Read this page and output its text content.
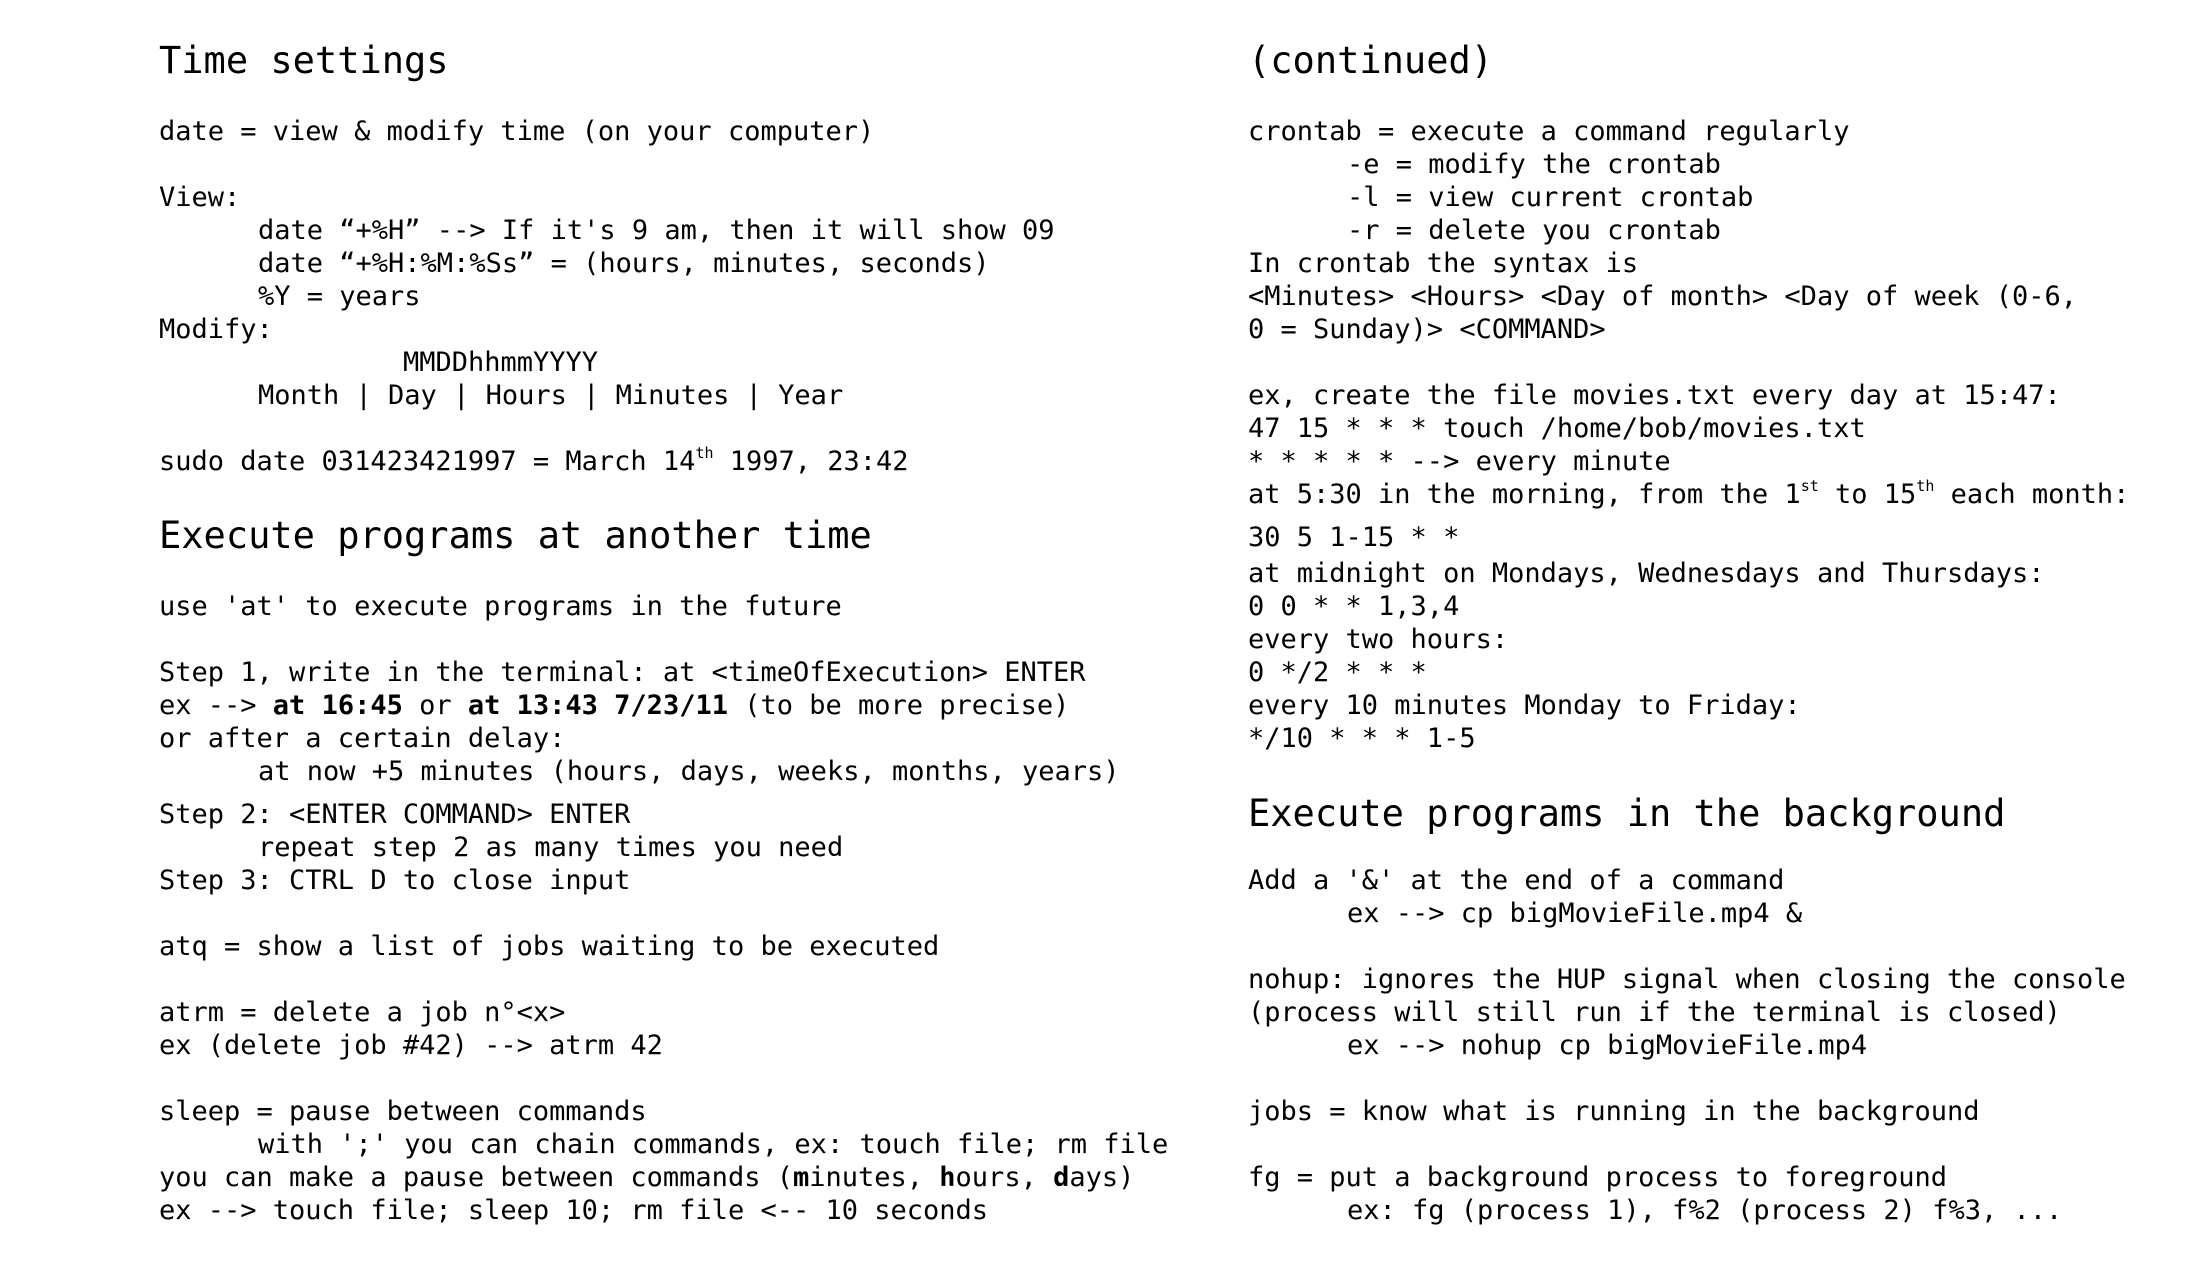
Time settings
date = view & modify time (on your computer)
View:
date “+%H” --> If it's 9 am, then it will show 09
date “+%H:%M:%Ss” = (hours, minutes, seconds)
%Y = years
Modify:
MMDDhhmmYYYY
Month | Day | Hours | Minutes | Year
sudo date 031423421997 = March 14th 1997, 23:42
Execute programs at another time
use 'at' to execute programs in the future
Step 1, write in the terminal: at <timeOfExecution> ENTER
ex --> at 16:45 or at 13:43 7/23/11 (to be more precise)
or after a certain delay:
at now +5 minutes (hours, days, weeks, months, years)
Step 2: <ENTER COMMAND> ENTER
repeat step 2 as many times you need
Step 3: CTRL D to close input
atq = show a list of jobs waiting to be executed
atrm = delete a job n°<x>
ex (delete job #42) --> atrm 42
sleep = pause between commands
with ';' you can chain commands, ex: touch file; rm file
you can make a pause between commands (minutes, hours, days)
ex --> touch file; sleep 10; rm file <-- 10 seconds
(continued)
crontab = execute a command regularly
-e = modify the crontab
-l = view current crontab
-r = delete you crontab
In crontab the syntax is
<Minutes> <Hours> <Day of month> <Day of week (0-6,
0 = Sunday)> <COMMAND>
ex, create the file movies.txt every day at 15:47:
47 15 * * * touch /home/bob/movies.txt
* * * * * --> every minute
at 5:30 in the morning, from the 1st to 15th each month:
30 5 1-15 * *
at midnight on Mondays, Wednesdays and Thursdays:
0 0 * * 1,3,4
every two hours:
0 */2 * * *
every 10 minutes Monday to Friday:
*/10 * * * 1-5
Execute programs in the background
Add a '&' at the end of a command
ex --> cp bigMovieFile.mp4 &
nohup: ignores the HUP signal when closing the console
(process will still run if the terminal is closed)
ex --> nohup cp bigMovieFile.mp4
jobs = know what is running in the background
fg = put a background process to foreground
ex: fg (process 1), f%2 (process 2) f%3, ...
